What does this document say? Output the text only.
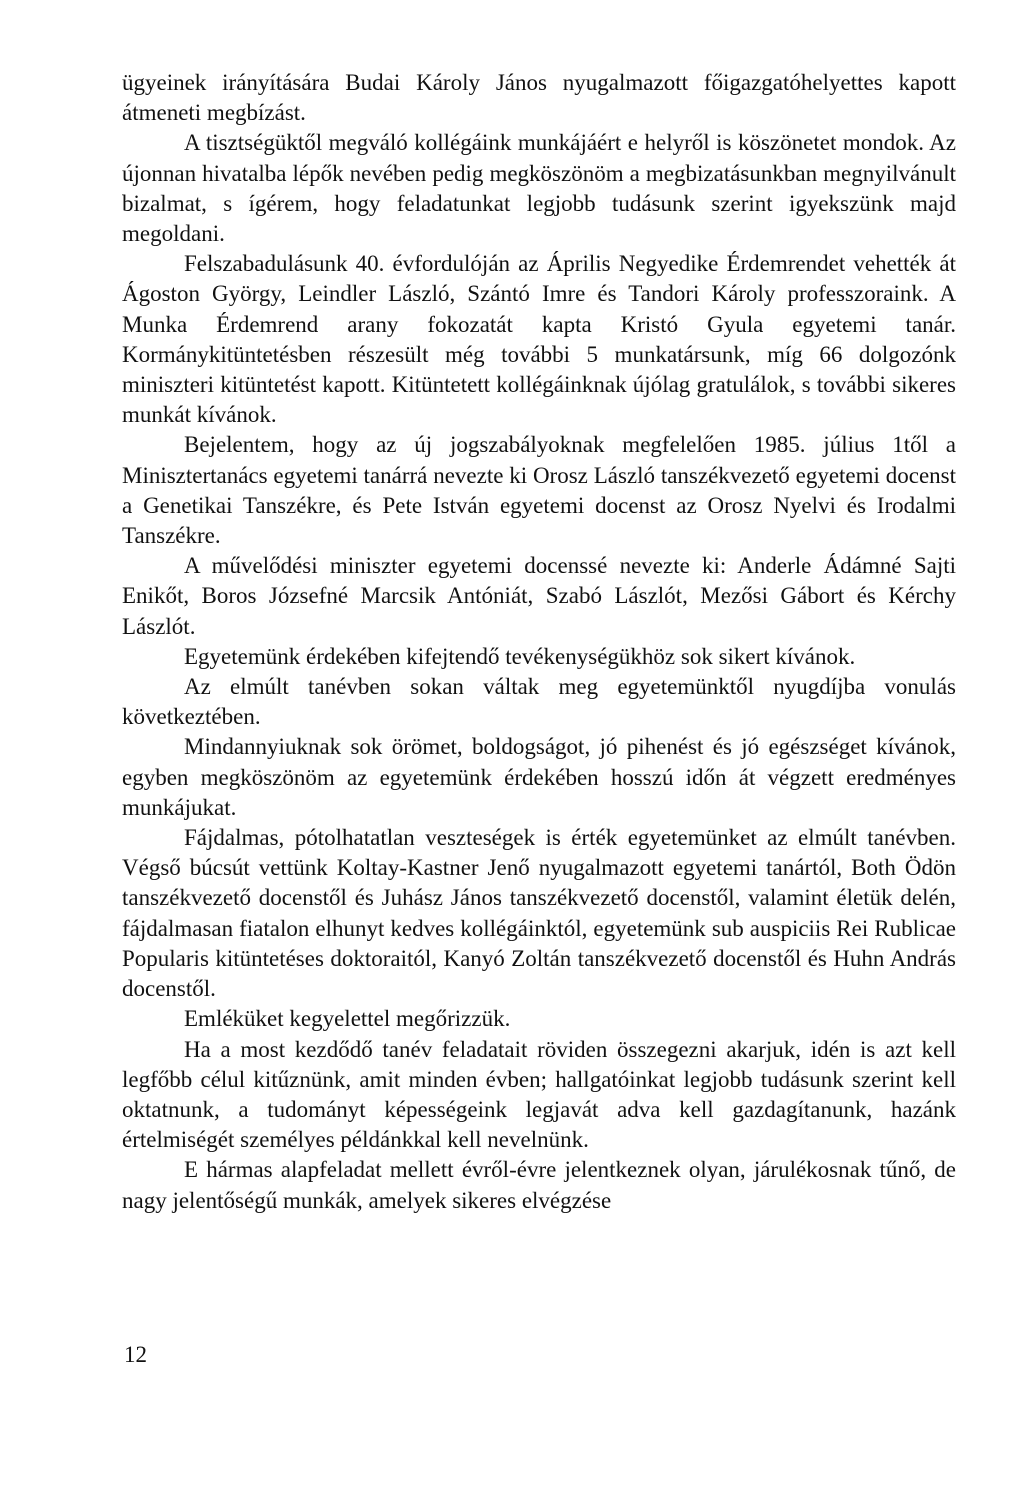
ügyeinek irányítására Budai Károly János nyugalmazott főigazgatóhelyettes kapott átmeneti megbízást.

A tisztségüktől megváló kollégáink munkájáért e helyről is köszönetet mondok. Az újonnan hivatalba lépők nevében pedig megköszönöm a megbizatásunkban megnyilvánult bizalmat, s ígérem, hogy feladatunkat legjobb tudásunk szerint igyekszünk majd megoldani.

Felszabadulásunk 40. évfordulóján az Április Negyedike Érdemrendet vehették át Ágoston György, Leindler László, Szántó Imre és Tandori Károly professzoraink. A Munka Érdemrend arany fokozatát kapta Kristó Gyula egyetemi tanár. Kormánykitüntetésben részesült még további 5 munkatársunk, míg 66 dolgozónk miniszteri kitüntetést kapott. Kitüntetett kollégáinknak újólag gratulálok, s további sikeres munkát kívánok.

Bejelentem, hogy az új jogszabályoknak megfelelően 1985. július 1től a Minisztertanács egyetemi tanárrá nevezte ki Orosz László tanszékvezető egyetemi docenst a Genetikai Tanszékre, és Pete István egyetemi docenst az Orosz Nyelvi és Irodalmi Tanszékre.

A művelődési miniszter egyetemi docenssé nevezte ki: Anderle Ádámné Sajti Enikőt, Boros Józsefné Marcsik Antóniát, Szabó Lászlót, Mezősi Gábort és Kérchy Lászlót.

Egyetemünk érdekében kifejtendő tevékenységükhöz sok sikert kívánok.

Az elmúlt tanévben sokan váltak meg egyetemünktől nyugdíjba vonulás következtében.

Mindannyiuknak sok örömet, boldogságot, jó pihenést és jó egészséget kívánok, egyben megköszönöm az egyetemünk érdekében hosszú időn át végzett eredményes munkájukat.

Fájdalmas, pótolhatatlan veszteségek is érték egyetemünket az elmúlt tanévben. Végső búcsút vettünk Koltay-Kastner Jenő nyugalmazott egyetemi tanártól, Both Ödön tanszékvezető docenstől és Juhász János tanszékvezető docenstől, valamint életük delén, fájdalmasan fiatalon elhunyt kedves kollégáinktól, egyetemünk sub auspiciis Rei Rublicae Popularis kitüntetéses doktoraitól, Kanyó Zoltán tanszékvezető docenstől és Huhn András docenstől.

Emléküket kegyelettel megőrizzük.

Ha a most kezdődő tanév feladatait röviden összegezni akarjuk, idén is azt kell legfőbb célul kitűznünk, amit minden évben; hallgatóinkat legjobb tudásunk szerint kell oktatnunk, a tudományt képességeink legjavát adva kell gazdagítanunk, hazánk értelmiségét személyes példánkkal kell nevelnünk.

E hármas alapfeladat mellett évről-évre jelentkeznek olyan, járulékosnak tűnő, de nagy jelentőségű munkák, amelyek sikeres elvégzése

12
